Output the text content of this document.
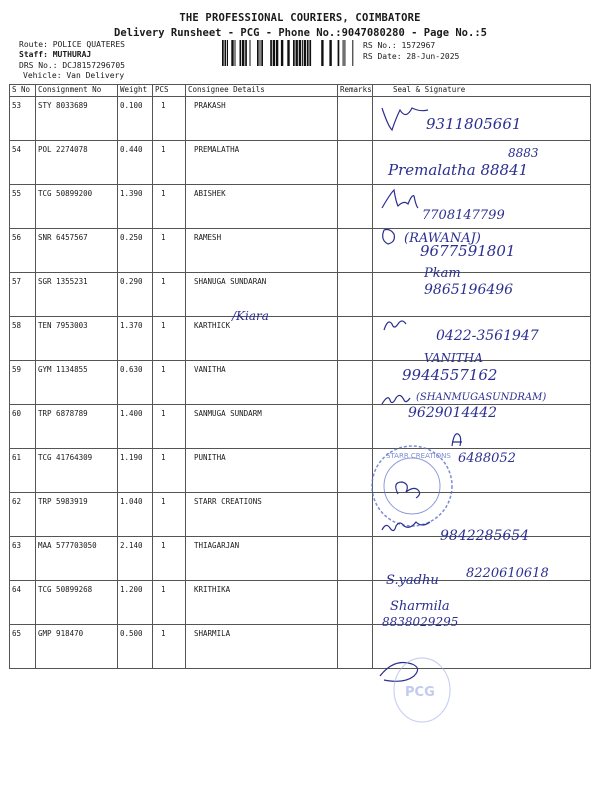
THE PROFESSIONAL COURIERS, COIMBATORE
Delivery Runsheet - PCG - Phone No.:9047080280 - Page No.:5
Route: POLICE QUATERES
Staff: MUTHURAJ
DRS No.: DCJ8157296705
Vehicle: Van Delivery
RS No.: 1572967
RS Date: 28-Jun-2025
S No	Consignment No	Weight	PCS	Consignee Details	Remarks	Seal & Signature
53	STY 8033689	0.100	1	PRAKASH		
54	POL 2274078	0.440	1	PREMALATHA		
55	TCG 50899200	1.390	1	ABISHEK		
56	SNR 6457567	0.250	1	RAMESH		
57	SGR 1355231	0.290	1	SHANUGA SUNDARAN		
58	TEN 7953003	1.370	1	KARTHICK		
59	GYM 1134855	0.630	1	VANITHA		
60	TRP 6878789	1.400	1	SANMUGA SUNDARM		
61	TCG 41764309	1.190	1	PUNITHA		
62	TRP 5983919	1.040	1	STARR CREATIONS		
63	MAA 577703050	2.140	1	THIAGARJAN		
64	TCG 50899268	1.200	1	KRITHIKA		
65	GMP 918470	0.500	1	SHARMILA		
9311805661
8883
Premalatha 88841
7708147799
(RAWANAJ)
9677591801
Pkam
9865196496
/Kiara
0422-3561947
VANITHA
9944557162
(SHANMUGASUNDRAM)
9629014442
6488052
STARR CREATIONS
9842285654
S.yadhu 8220610618
Sharmila
8838029295
PCG
